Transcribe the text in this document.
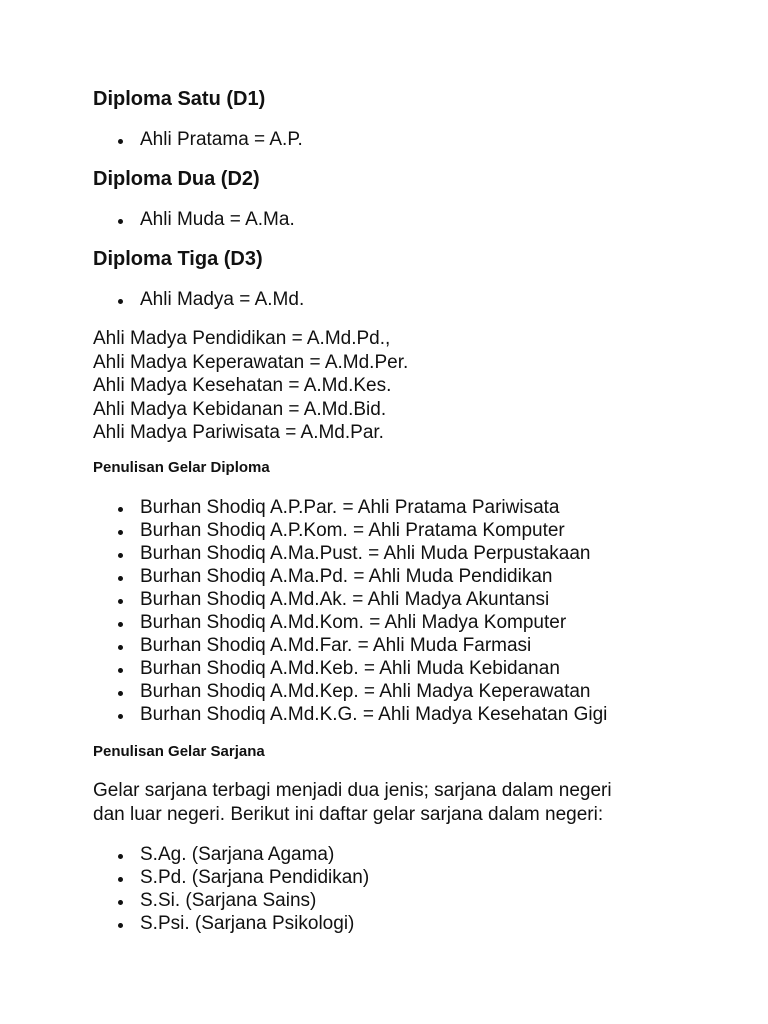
Diploma Satu (D1)
Ahli Pratama = A.P.
Diploma Dua (D2)
Ahli Muda = A.Ma.
Diploma Tiga (D3)
Ahli Madya = A.Md.

Ahli Madya Pendidikan = A.Md.Pd.,
Ahli Madya Keperawatan = A.Md.Per.
Ahli Madya Kesehatan = A.Md.Kes.
Ahli Madya Kebidanan = A.Md.Bid.
Ahli Madya Pariwisata = A.Md.Par.

Penulisan Gelar Diploma
Burhan Shodiq A.P.Par. = Ahli Pratama Pariwisata
Burhan Shodiq A.P.Kom. = Ahli Pratama Komputer
Burhan Shodiq A.Ma.Pust. = Ahli Muda Perpustakaan
Burhan Shodiq A.Ma.Pd. = Ahli Muda Pendidikan
Burhan Shodiq A.Md.Ak. = Ahli Madya Akuntansi
Burhan Shodiq A.Md.Kom. = Ahli Madya Komputer
Burhan Shodiq A.Md.Far. = Ahli Muda Farmasi
Burhan Shodiq A.Md.Keb. = Ahli Muda Kebidanan
Burhan Shodiq A.Md.Kep. = Ahli Madya Keperawatan
Burhan Shodiq A.Md.K.G. = Ahli Madya Kesehatan Gigi
Penulisan Gelar Sarjana

Gelar sarjana terbagi menjadi dua jenis; sarjana dalam negeri
dan luar negeri. Berikut ini daftar gelar sarjana dalam negeri:

S.Ag. (Sarjana Agama)
S.Pd. (Sarjana Pendidikan)
S.Si. (Sarjana Sains)
S.Psi. (Sarjana Psikologi)
